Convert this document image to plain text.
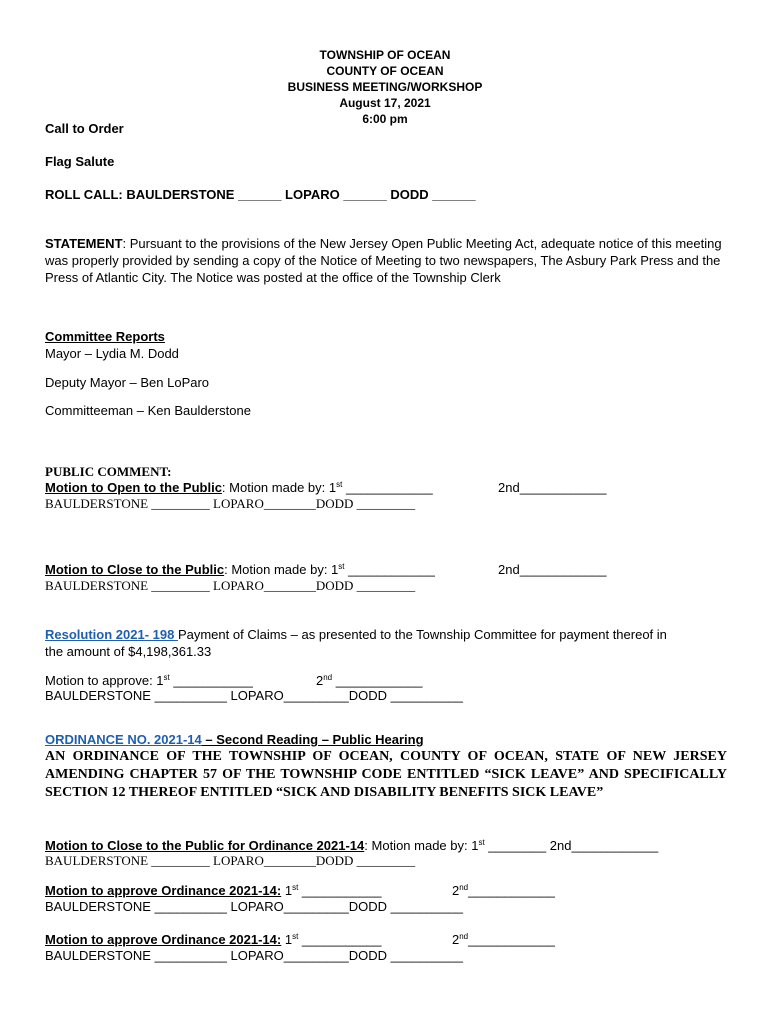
TOWNSHIP OF OCEAN
COUNTY OF OCEAN
BUSINESS MEETING/WORKSHOP
August 17, 2021
6:00 pm
Call to Order
Flag Salute
ROLL CALL: BAULDERSTONE ______ LOPARO ______ DODD ______
STATEMENT: Pursuant to the provisions of the New Jersey Open Public Meeting Act, adequate notice of this meeting was properly provided by sending a copy of the Notice of Meeting to two newspapers, The Asbury Park Press and the Press of Atlantic City. The Notice was posted at the office of the Township Clerk
Committee Reports
Mayor – Lydia M. Dodd
Deputy Mayor – Ben LoParo
Committeeman – Ken Baulderstone
PUBLIC COMMENT:
Motion to Open to the Public: Motion made by: 1st ____________	2nd____________
BAULDERSTONE _________ LOPARO________DODD _________
Motion to Close to the Public: Motion made by: 1st ____________	2nd____________
BAULDERSTONE _________ LOPARO________DODD _________
Resolution 2021- 198 Payment of Claims – as presented to the Township Committee for payment thereof in
the amount of $4,198,361.33
Motion to approve: 1st ___________	2nd ____________
BAULDERSTONE __________ LOPARO_________DODD __________
ORDINANCE NO. 2021-14 – Second Reading – Public Hearing
AN ORDINANCE OF THE TOWNSHIP OF OCEAN, COUNTY OF OCEAN, STATE OF NEW JERSEY AMENDING CHAPTER 57 OF THE TOWNSHIP CODE ENTITLED “SICK LEAVE” AND SPECIFICALLY SECTION 12 THEREOF ENTITLED “SICK AND DISABILITY BENEFITS SICK LEAVE”
Motion to Close to the Public for Ordinance 2021-14: Motion made by: 1st ________ 2nd____________
BAULDERSTONE _________ LOPARO________DODD _________
Motion to approve Ordinance 2021-14: 1st ___________	2nd____________
BAULDERSTONE __________ LOPARO_________DODD __________
Motion to approve Ordinance 2021-14: 1st ___________	2nd____________
BAULDERSTONE __________ LOPARO_________DODD __________
